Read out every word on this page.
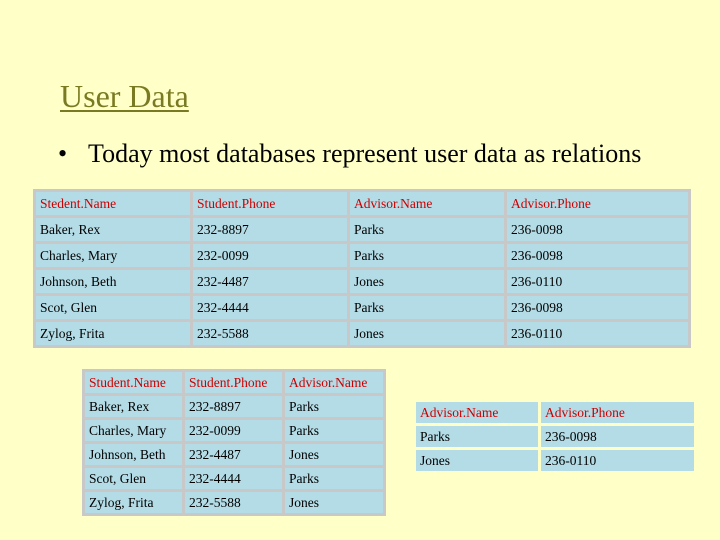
User Data
• Today most databases represent user data as relations
Stedent.Name	Student.Phone	Advisor.Name	Advisor.Phone
Baker, Rex	232-8897	Parks	236-0098
Charles, Mary	232-0099	Parks	236-0098
Johnson, Beth	232-4487	Jones	236-0110
Scot, Glen	232-4444	Parks	236-0098
Zylog, Frita	232-5588	Jones	236-0110
Student.Name	Student.Phone	Advisor.Name
Baker, Rex	232-8897	Parks
Charles, Mary	232-0099	Parks
Johnson, Beth	232-4487	Jones
Scot, Glen	232-4444	Parks
Zylog, Frita	232-5588	Jones
Advisor.Name	Advisor.Phone
Parks	236-0098
Jones	236-0110
